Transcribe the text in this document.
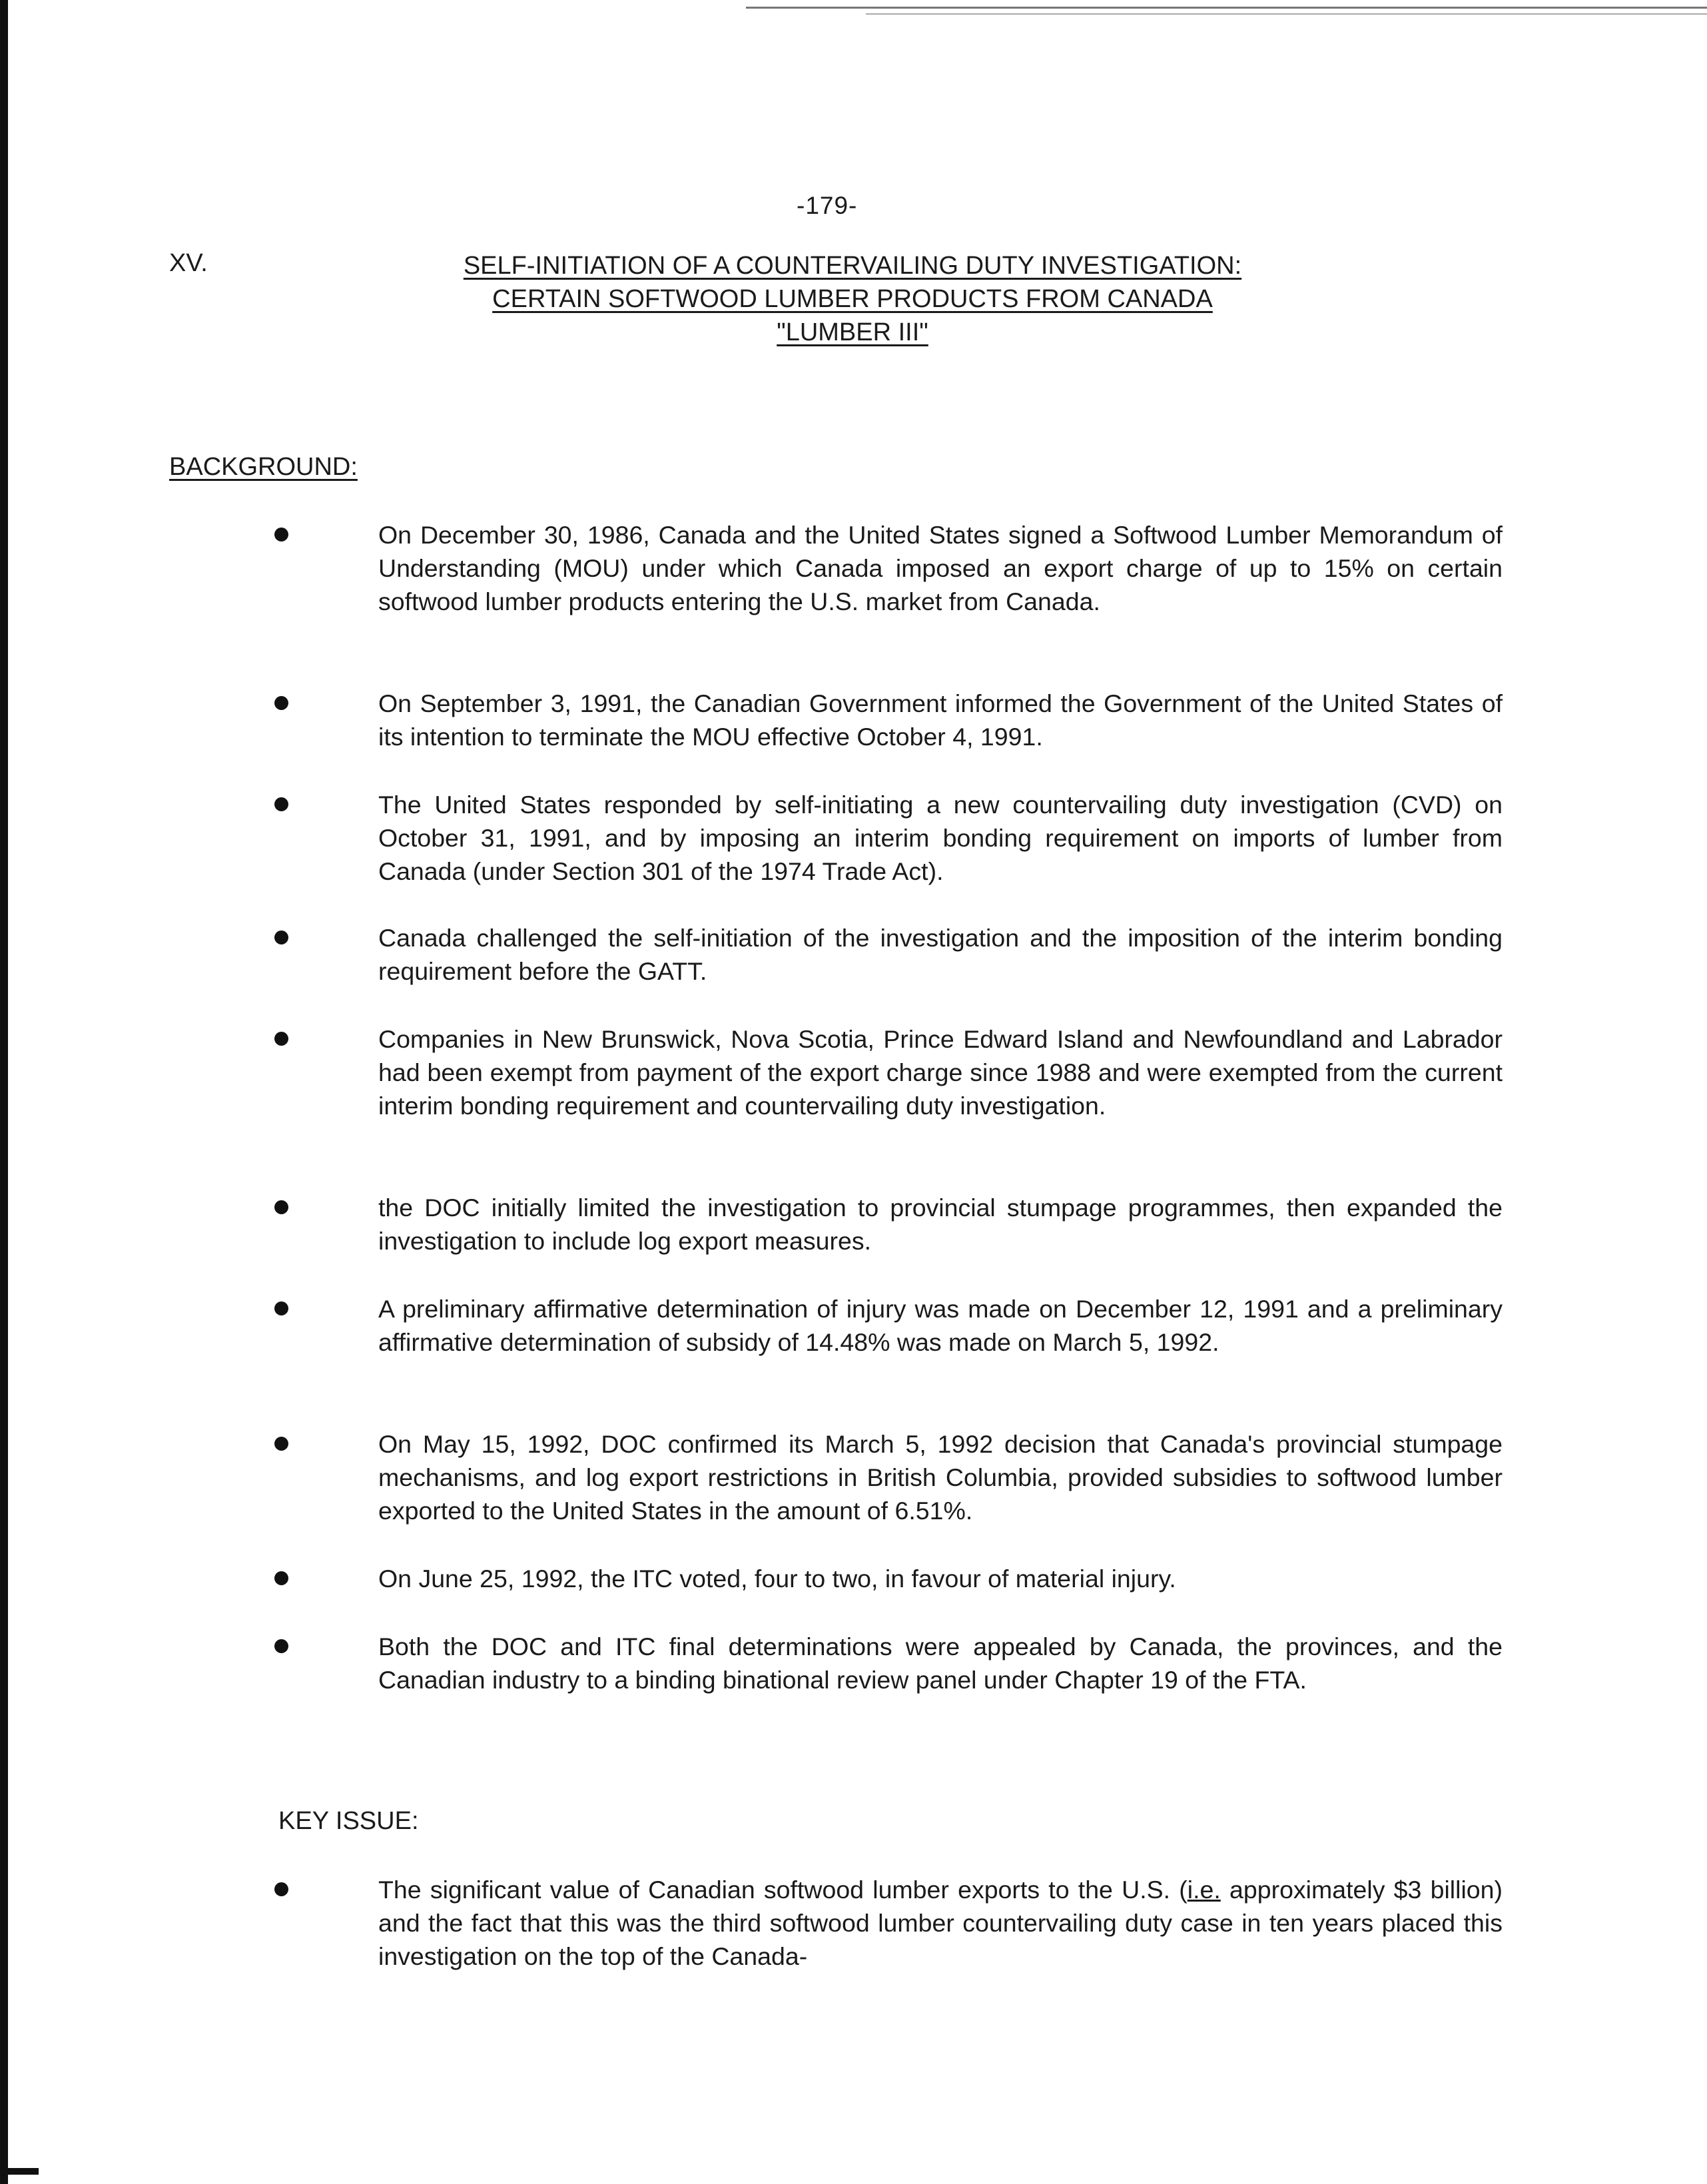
-179-
XV.	SELF-INITIATION OF A COUNTERVAILING DUTY INVESTIGATION:
CERTAIN SOFTWOOD LUMBER PRODUCTS FROM CANADA
"LUMBER III"
BACKGROUND:
On December 30, 1986, Canada and the United States signed a Softwood Lumber Memorandum of Understanding (MOU) under which Canada imposed an export charge of up to 15% on certain softwood lumber products entering the U.S. market from Canada.
On September 3, 1991, the Canadian Government informed the Government of the United States of its intention to terminate the MOU effective October 4, 1991.
The United States responded by self-initiating a new countervailing duty investigation (CVD) on October 31, 1991, and by imposing an interim bonding requirement on imports of lumber from Canada (under Section 301 of the 1974 Trade Act).
Canada challenged the self-initiation of the investigation and the imposition of the interim bonding requirement before the GATT.
Companies in New Brunswick, Nova Scotia, Prince Edward Island and Newfoundland and Labrador had been exempt from payment of the export charge since 1988 and were exempted from the current interim bonding requirement and countervailing duty investigation.
the DOC initially limited the investigation to provincial stumpage programmes, then expanded the investigation to include log export measures.
A preliminary affirmative determination of injury was made on December 12, 1991 and a preliminary affirmative determination of subsidy of 14.48% was made on March 5, 1992.
On May 15, 1992, DOC confirmed its March 5, 1992 decision that Canada's provincial stumpage mechanisms, and log export restrictions in British Columbia, provided subsidies to softwood lumber exported to the United States in the amount of 6.51%.
On June 25, 1992, the ITC voted, four to two, in favour of material injury.
Both the DOC and ITC final determinations were appealed by Canada, the provinces, and the Canadian industry to a binding binational review panel under Chapter 19 of the FTA.
KEY ISSUE:
The significant value of Canadian softwood lumber exports to the U.S. (i.e. approximately $3 billion) and the fact that this was the third softwood lumber countervailing duty case in ten years placed this investigation on the top of the Canada-
